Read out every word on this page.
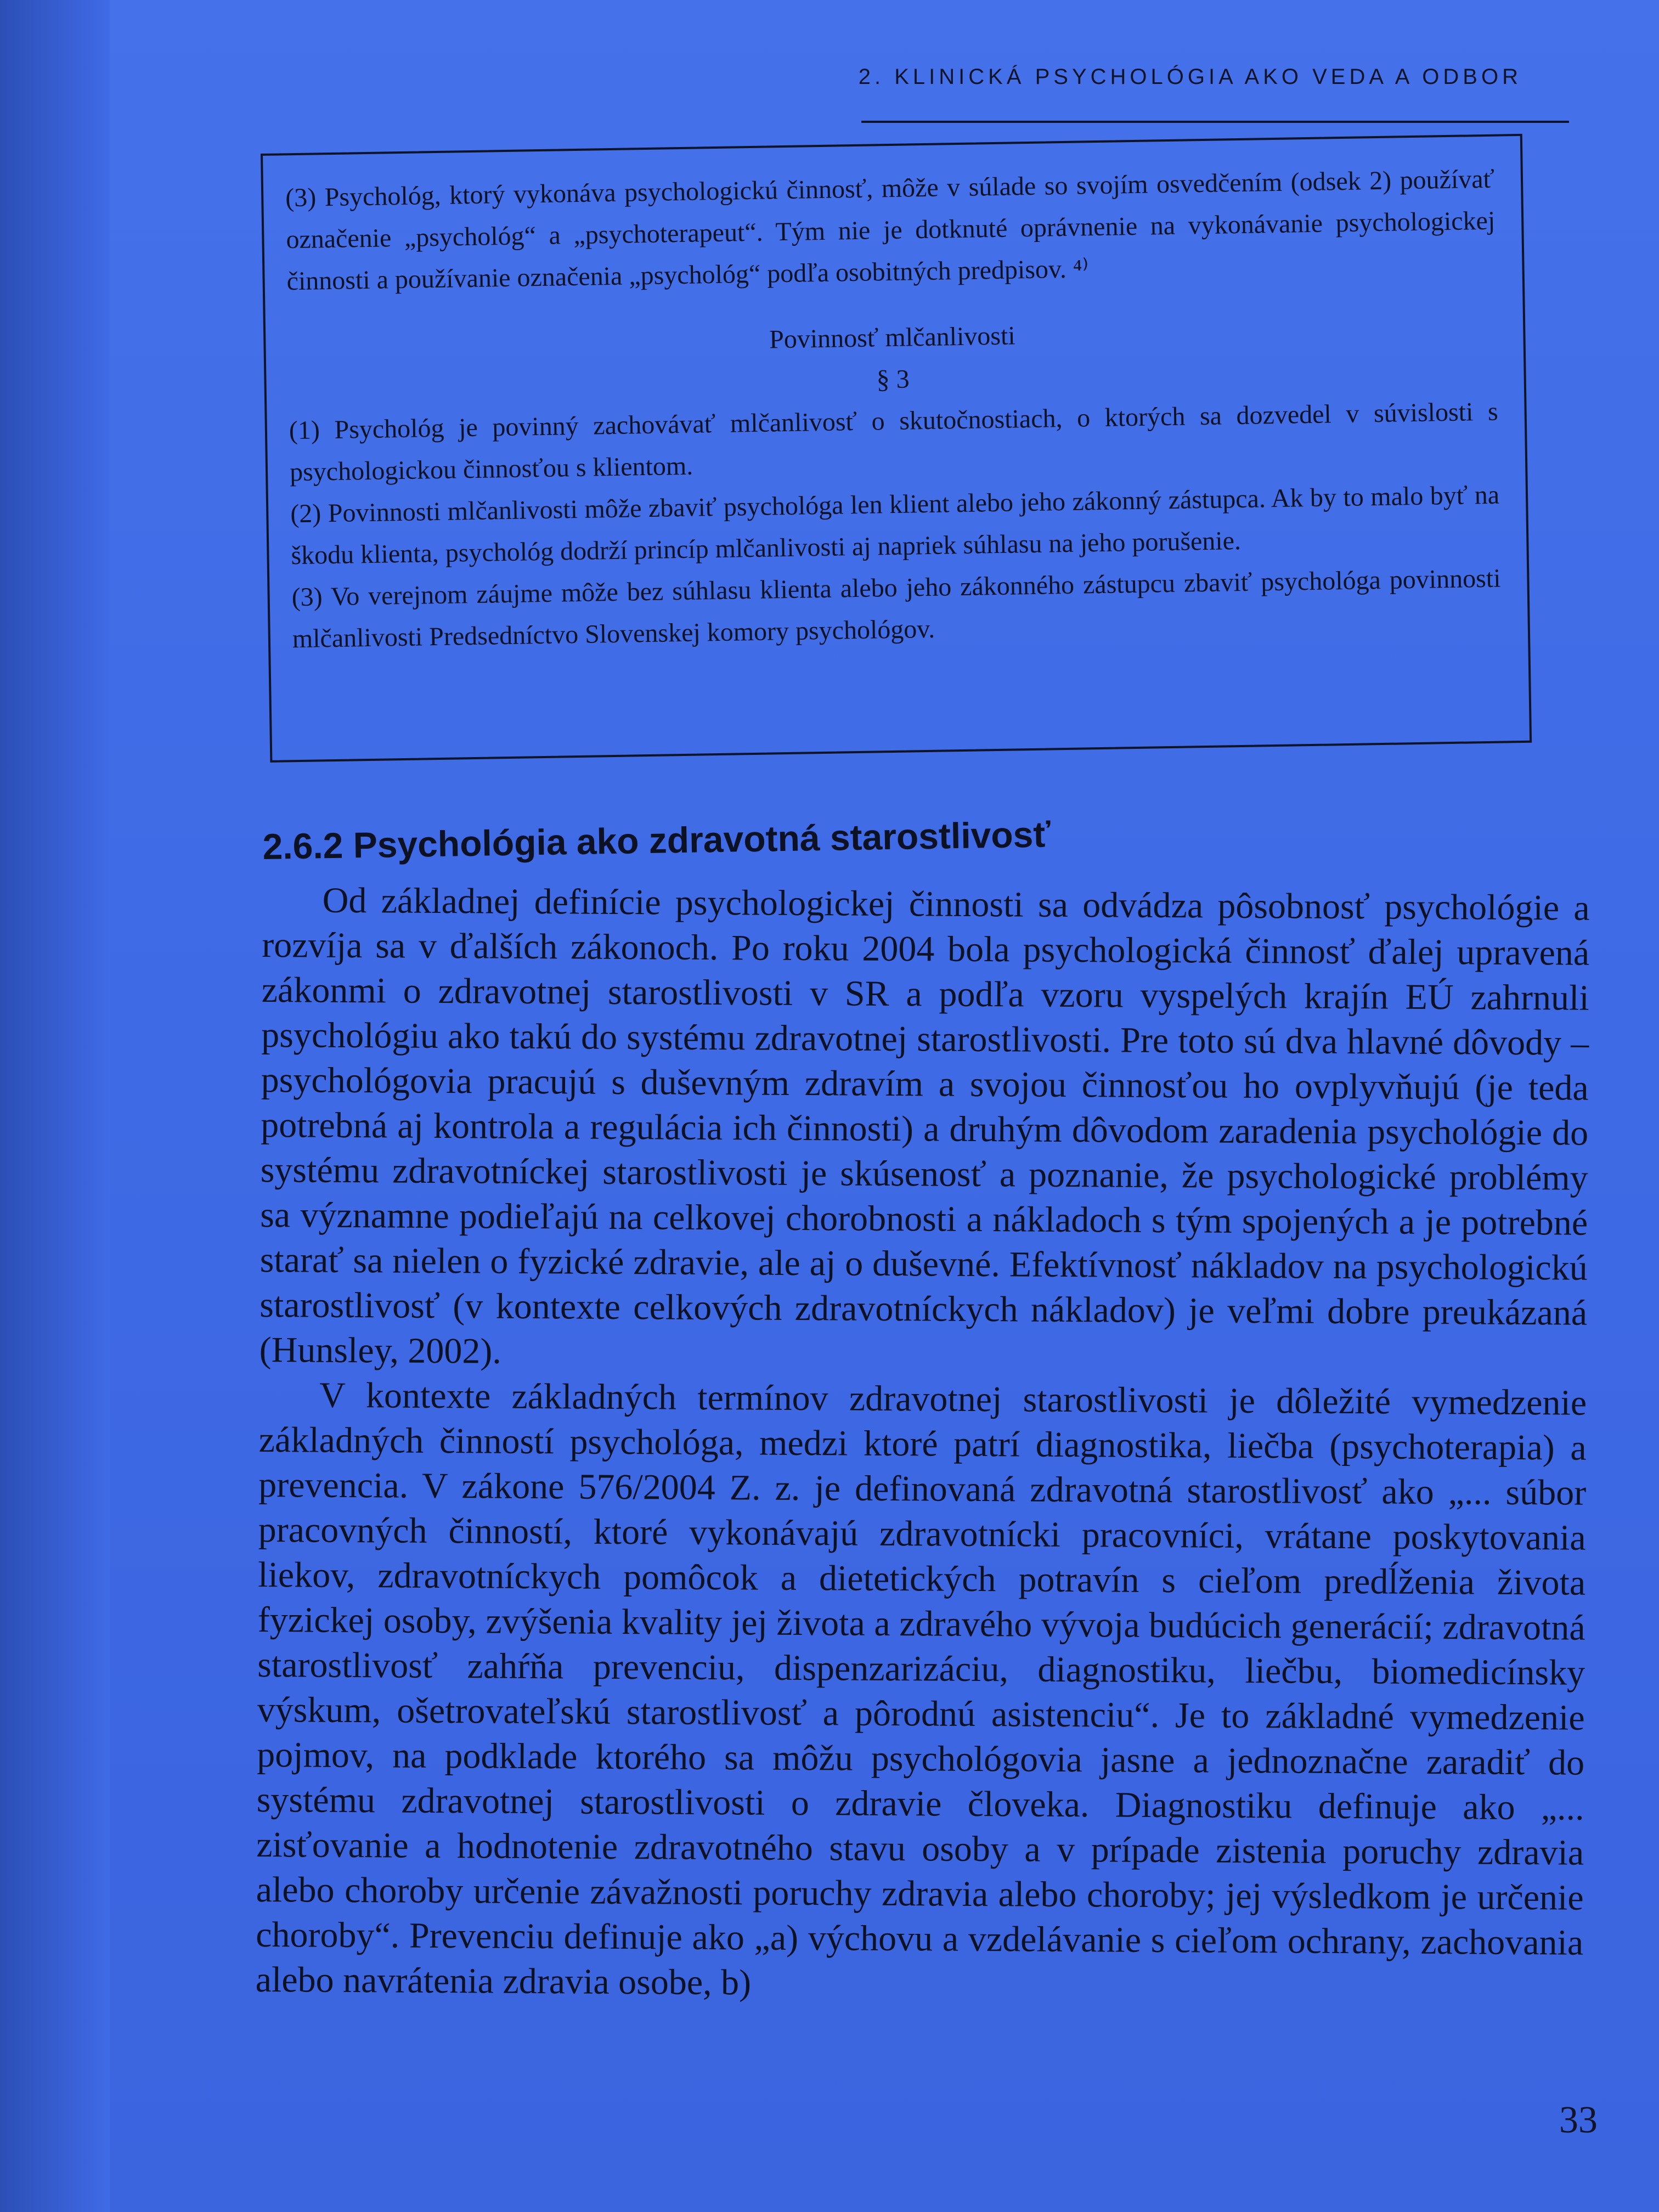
2. KLINICKÁ PSYCHOLÓGIA AKO VEDA A ODBOR

(3) Psychológ, ktorý vykonáva psychologickú činnosť, môže v súlade so svojím osvedčením (odsek 2) používať označenie „psychológ“ a „psychoterapeut“. Tým nie je dotknuté oprávnenie na vykonávanie psychologickej činnosti a používanie označenia „psychológ“ podľa osobitných predpisov. ⁴⁾

Povinnosť mlčanlivosti

§ 3

(1) Psychológ je povinný zachovávať mlčanlivosť o skutočnostiach, o ktorých sa dozvedel v súvislosti s psychologickou činnosťou s klientom.

(2) Povinnosti mlčanlivosti môže zbaviť psychológa len klient alebo jeho zákonný zástupca. Ak by to malo byť na škodu klienta, psychológ dodrží princíp mlčanlivosti aj napriek súhlasu na jeho porušenie.

(3) Vo verejnom záujme môže bez súhlasu klienta alebo jeho zákonného zástupcu zbaviť psychológa povinnosti mlčanlivosti Predsedníctvo Slovenskej komory psychológov.

2.6.2 Psychológia ako zdravotná starostlivosť

Od základnej definície psychologickej činnosti sa odvádza pôsobnosť psychológie a rozvíja sa v ďalších zákonoch. Po roku 2004 bola psychologická činnosť ďalej upravená zákonmi o zdravotnej starostlivosti v SR a podľa vzoru vyspelých krajín EÚ zahrnuli psychológiu ako takú do systému zdravotnej starostlivosti. Pre toto sú dva hlavné dôvody – psychológovia pracujú s duševným zdravím a svojou činnosťou ho ovplyvňujú (je teda potrebná aj kontrola a regulácia ich činnosti) a druhým dôvodom zaradenia psychológie do systému zdravotníckej starostlivosti je skúsenosť a poznanie, že psychologické problémy sa významne podieľajú na celkovej chorobnosti a nákladoch s tým spojených a je potrebné starať sa nielen o fyzické zdravie, ale aj o duševné. Efektívnosť nákladov na psychologickú starostlivosť (v kontexte celkových zdravotníckych nákladov) je veľmi dobre preukázaná (Hunsley, 2002).

V kontexte základných termínov zdravotnej starostlivosti je dôležité vymedzenie základných činností psychológa, medzi ktoré patrí diagnostika, liečba (psychoterapia) a prevencia. V zákone 576/2004 Z. z. je definovaná zdravotná starostlivosť ako „... súbor pracovných činností, ktoré vykonávajú zdravotnícki pracovníci, vrátane poskytovania liekov, zdravotníckych pomôcok a dietetických potravín s cieľom predĺženia života fyzickej osoby, zvýšenia kvality jej života a zdravého vývoja budúcich generácií; zdravotná starostlivosť zahŕňa prevenciu, dispenzarizáciu, diagnostiku, liečbu, biomedicínsky výskum, ošetrovateľskú starostlivosť a pôrodnú asistenciu“. Je to základné vymedzenie pojmov, na podklade ktorého sa môžu psychológovia jasne a jednoznačne zaradiť do systému zdravotnej starostlivosti o zdravie človeka. Diagnostiku definuje ako „... zisťovanie a hodnotenie zdravotného stavu osoby a v prípade zistenia poruchy zdravia alebo choroby určenie závažnosti poruchy zdravia alebo choroby; jej výsledkom je určenie choroby“. Prevenciu definuje ako „a) výchovu a vzdelávanie s cieľom ochrany, zachovania alebo navrátenia zdravia osobe, b)

33
